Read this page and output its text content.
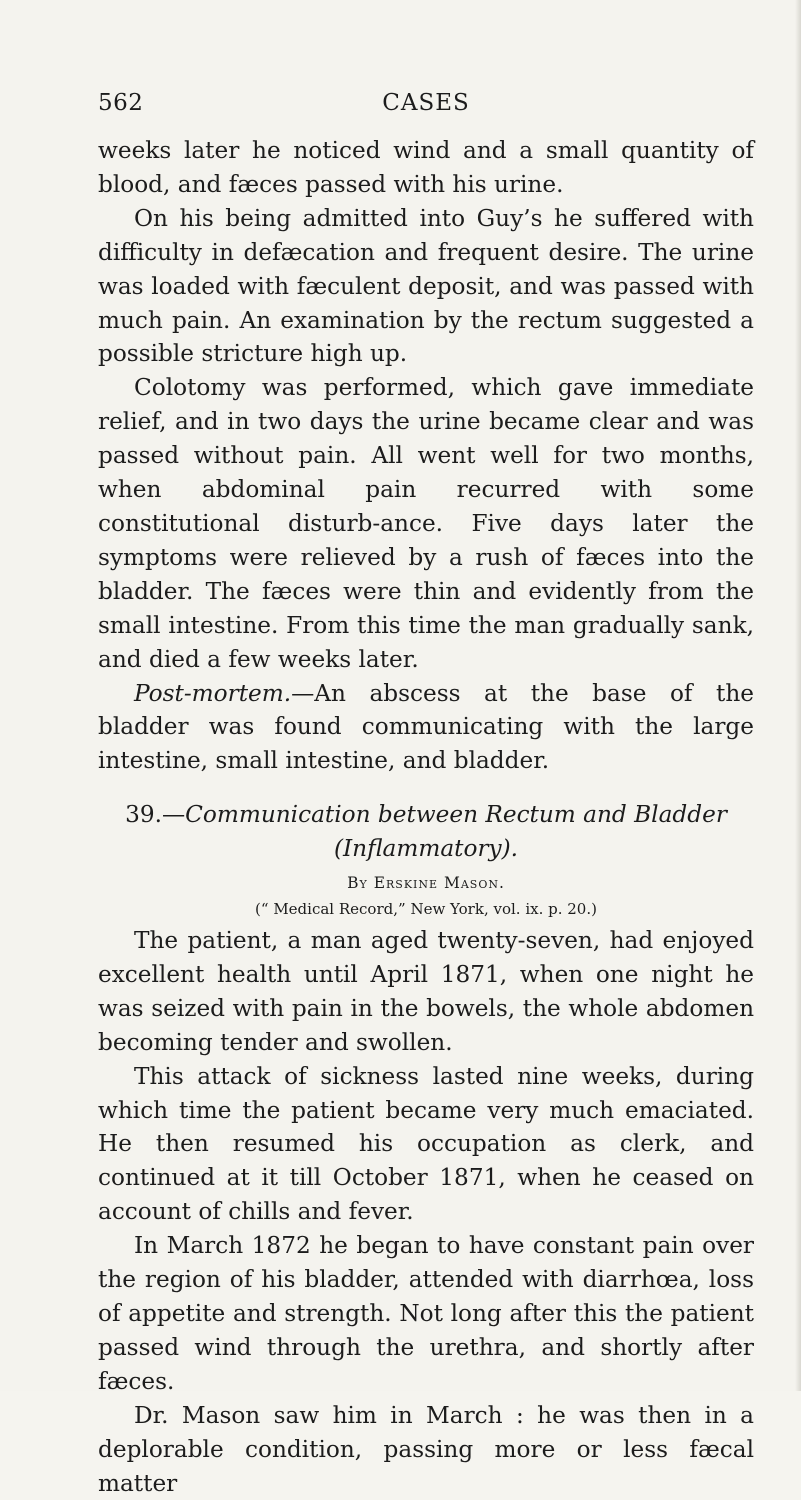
562	CASES

weeks later he noticed wind and a small quantity of blood, and fæces passed with his urine.

On his being admitted into Guy’s he suffered with difficulty in defæcation and frequent desire. The urine was loaded with fæculent deposit, and was passed with much pain. An examination by the rectum suggested a possible stricture high up.

Colotomy was performed, which gave immediate relief, and in two days the urine became clear and was passed without pain. All went well for two months, when abdominal pain recurred with some constitutional disturb-ance. Five days later the symptoms were relieved by a rush of fæces into the bladder. The fæces were thin and evidently from the small intestine. From this time the man gradually sank, and died a few weeks later.

Post-mortem.—An abscess at the base of the bladder was found communicating with the large intestine, small intestine, and bladder.

39.—Communication between Rectum and Bladder

(Inflammatory).

By Erskine Mason.

(“ Medical Record,” New York, vol. ix. p. 20.)

The patient, a man aged twenty-seven, had enjoyed excellent health until April 1871, when one night he was seized with pain in the bowels, the whole abdomen becoming tender and swollen.

This attack of sickness lasted nine weeks, during which time the patient became very much emaciated. He then resumed his occupation as clerk, and continued at it till October 1871, when he ceased on account of chills and fever.

In March 1872 he began to have constant pain over the region of his bladder, attended with diarrhœa, loss of appetite and strength. Not long after this the patient passed wind through the urethra, and shortly after fæces.

Dr. Mason saw him in March : he was then in a deplorable condition, passing more or less fæcal matter
